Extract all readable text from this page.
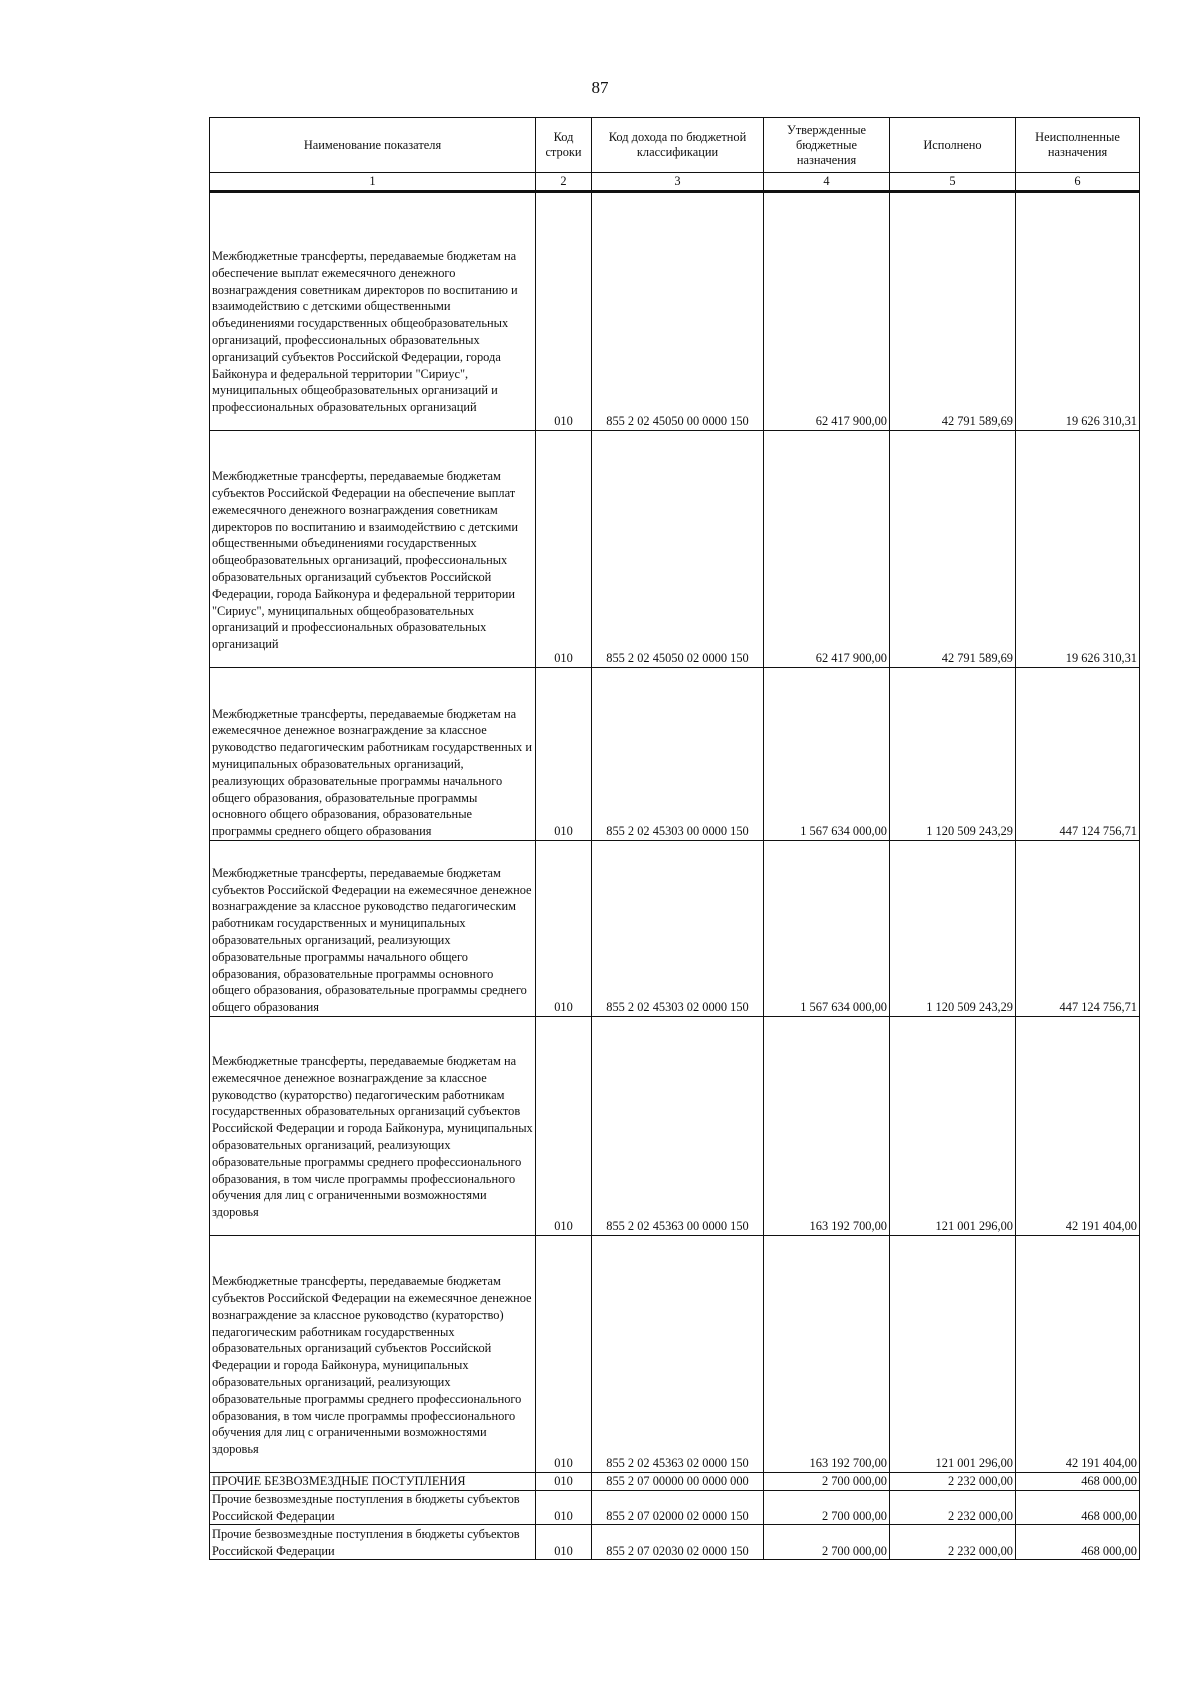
87
Наименование показателя	Код строки	Код дохода по бюджетной классификации	Утвержденные бюджетные назначения	Исполнено	Неисполненные назначения
1	2	3	4	5	6

Межбюджетные трансферты, передаваемые бюджетам на обеспечение выплат ежемесячного денежного вознаграждения советникам директоров по воспитанию и взаимодействию с детскими общественными объединениями государственных общеобразовательных организаций, профессиональных образовательных организаций субъектов Российской Федерации, города Байконура и федеральной территории "Сириус", муниципальных общеобразовательных организаций и профессиональных образовательных организаций	010	855 2 02 45050 00 0000 150	62 417 900,00	42 791 589,69	19 626 310,31

Межбюджетные трансферты, передаваемые бюджетам субъектов Российской Федерации на обеспечение выплат ежемесячного денежного вознаграждения советникам директоров по воспитанию и взаимодействию с детскими общественными объединениями государственных общеобразовательных организаций, профессиональных образовательных организаций субъектов Российской Федерации, города Байконура и федеральной территории "Сириус", муниципальных общеобразовательных организаций и профессиональных образовательных организаций	010	855 2 02 45050 02 0000 150	62 417 900,00	42 791 589,69	19 626 310,31

Межбюджетные трансферты, передаваемые бюджетам на ежемесячное денежное вознаграждение за классное руководство педагогическим работникам государственных и муниципальных образовательных организаций, реализующих образовательные программы начального общего образования, образовательные программы основного общего образования, образовательные программы среднего общего образования	010	855 2 02 45303 00 0000 150	1 567 634 000,00	1 120 509 243,29	447 124 756,71

Межбюджетные трансферты, передаваемые бюджетам субъектов Российской Федерации на ежемесячное денежное вознаграждение за классное руководство педагогическим работникам государственных и муниципальных образовательных организаций, реализующих образовательные программы начального общего образования, образовательные программы основного общего образования, образовательные программы среднего общего образования	010	855 2 02 45303 02 0000 150	1 567 634 000,00	1 120 509 243,29	447 124 756,71

Межбюджетные трансферты, передаваемые бюджетам на ежемесячное денежное вознаграждение за классное руководство (кураторство) педагогическим работникам государственных образовательных организаций субъектов Российской Федерации и города Байконура, муниципальных образовательных организаций, реализующих образовательные программы среднего профессионального образования, в том числе программы профессионального обучения для лиц с ограниченными возможностями здоровья	010	855 2 02 45363 00 0000 150	163 192 700,00	121 001 296,00	42 191 404,00

Межбюджетные трансферты, передаваемые бюджетам субъектов Российской Федерации на ежемесячное денежное вознаграждение за классное руководство (кураторство) педагогическим работникам государственных образовательных организаций субъектов Российской Федерации и города Байконура, муниципальных образовательных организаций, реализующих образовательные программы среднего профессионального образования, в том числе программы профессионального обучения для лиц с ограниченными возможностями здоровья	010	855 2 02 45363 02 0000 150	163 192 700,00	121 001 296,00	42 191 404,00

ПРОЧИЕ БЕЗВОЗМЕЗДНЫЕ ПОСТУПЛЕНИЯ	010	855 2 07 00000 00 0000 000	2 700 000,00	2 232 000,00	468 000,00

Прочие безвозмездные поступления в бюджеты субъектов Российской Федерации	010	855 2 07 02000 02 0000 150	2 700 000,00	2 232 000,00	468 000,00

Прочие безвозмездные поступления в бюджеты субъектов Российской Федерации	010	855 2 07 02030 02 0000 150	2 700 000,00	2 232 000,00	468 000,00
